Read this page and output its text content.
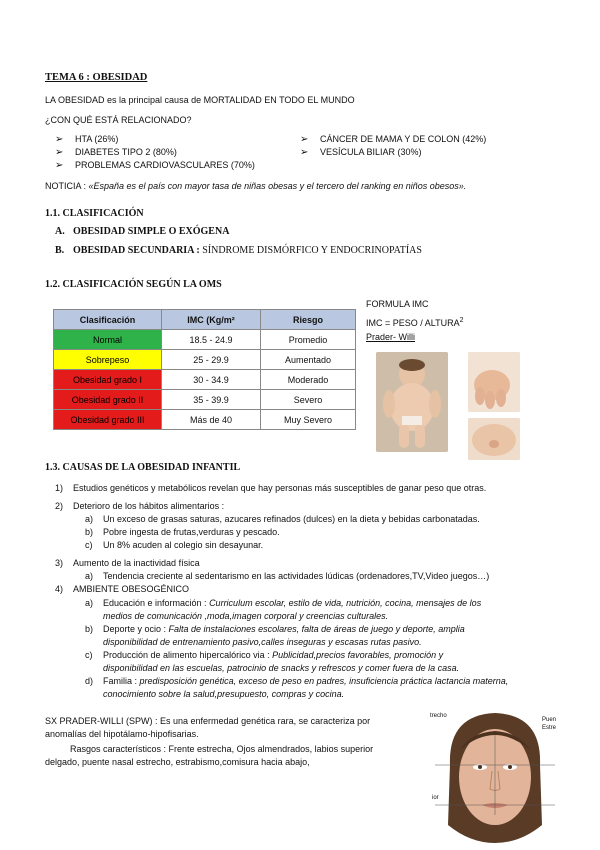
TEMA 6 : OBESIDAD
LA OBESIDAD es la principal causa de MORTALIDAD EN TODO EL MUNDO
¿CON QUÉ ESTÁ RELACIONADO?
➢ HTA (26%)
➢ DIABETES TIPO 2 (80%)
➢ PROBLEMAS CARDIOVASCULARES (70%)
➢ CÁNCER DE MAMA Y DE COLON (42%)
➢ VESÍCULA BILIAR (30%)
NOTICIA : «España es el país con mayor tasa de niñas obesas y el tercero del ranking en niños obesos».
1.1. CLASIFICACIÓN
A. OBESIDAD SIMPLE O EXÓGENA
B. OBESIDAD SECUNDARIA : SÍNDROME DISMÓRFICO Y ENDOCRINOPATÍAS
1.2. CLASIFICACIÓN SEGÚN LA OMS
Clasificación	IMC (Kg/m²	Riesgo
Normal	18.5 - 24.9	Promedio
Sobrepeso	25 - 29.9	Aumentado
Obesidad grado I	30 - 34.9	Moderado
Obesidad grado II	35 - 39.9	Severo
Obesidad grado III	Más de 40	Muy Severo
FORMULA IMC
IMC = PESO / ALTURA$^2$
Prader- Willi
1.3. CAUSAS DE LA OBESIDAD INFANTIL
1) Estudios genéticos y metabólicos revelan que hay personas más susceptibles de ganar peso que otras.
2) Deterioro de los hábitos alimentarios :
a) Un exceso de grasas saturas, azucares refinados (dulces) en la dieta y bebidas carbonatadas.
b) Pobre ingesta de frutas,verduras y pescado.
c) Un 8% acuden al colegio sin desayunar.
3) Aumento de la inactividad física
a) Tendencia creciente al sedentarismo en las actividades lúdicas (ordenadores,TV,Video juegos…)
4) AMBIENTE OBESOGÉNICO
a) Educación e información : Curriculum escolar, estilo de vida, nutrición, cocina, mensajes de los
medios de comunicación ,moda,imagen corporal y creencias culturales.
b) Deporte y ocio : Falta de instalaciones escolares, falta de áreas de juego y deporte, amplia
disponibilidad de entrenamiento pasivo,calles inseguras y escasas rutas pasivo.
c) Producción de alimento hipercalórico via : Publicidad,precios favorables, promoción y
disponibilidad en las escuelas, patrocinio de snacks y refrescos y comer fuera de la casa.
d) Familia : predisposición genética, exceso de peso en padres, insuficiencia práctica lactancia materna,
conocimiento sobre la salud,presupuesto, compras y cocina.
SX PRADER-WILLI (SPW) : Es una enfermedad genética rara, se caracteriza por
anomalías del hipotálamo-hipofisarias.
Rasgos característicos : Frente estrecha, Ojos almendrados, labios superior
delgado, puente nasal estrecho, estrabismo,comisura hacia abajo,
trecho
Puen
Estre
ior
